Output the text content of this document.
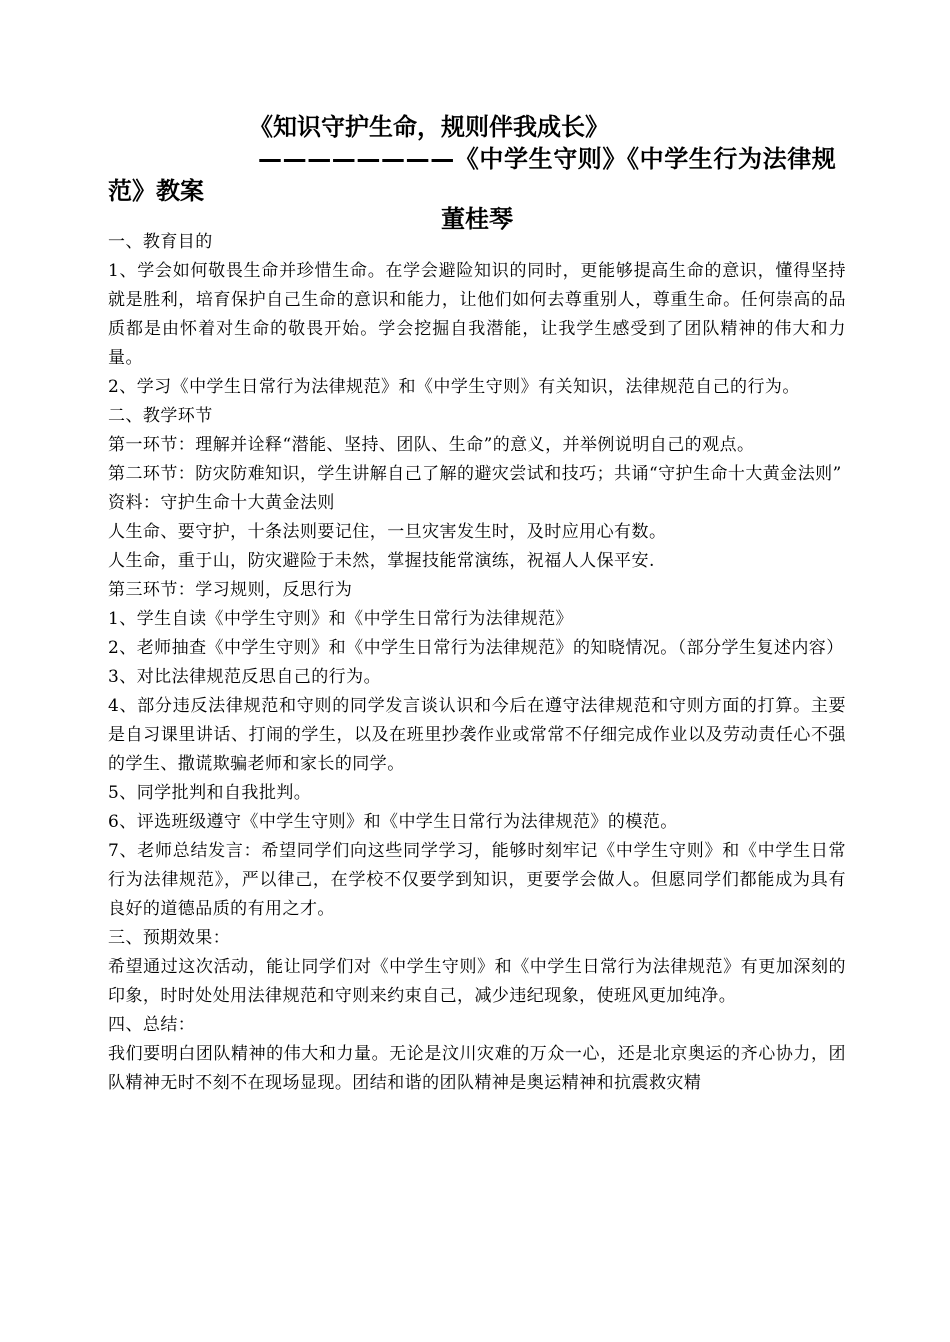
《知识守护生命，规则伴我成长》
————————《中学生守则》《中学生行为法律规
范》教案
董桂琴

一、教育目的

1、学会如何敬畏生命并珍惜生命。在学会避险知识的同时，更能够提高生命的意识，懂得坚持就是胜利，培育保护自己生命的意识和能力，让他们如何去尊重别人，尊重生命。任何崇高的品质都是由怀着对生命的敬畏开始。学会挖掘自我潜能，让我学生感受到了团队精神的伟大和力量。

2、学习《中学生日常行为法律规范》和《中学生守则》有关知识，法律规范自己的行为。

二、教学环节

第一环节：理解并诠释“潜能、坚持、团队、生命”的意义，并举例说明自己的观点。

第二环节：防灾防难知识，学生讲解自己了解的避灾尝试和技巧；共诵“守护生命十大黄金法则”

资料：守护生命十大黄金法则

人生命、要守护，十条法则要记住，一旦灾害发生时，及时应用心有数。

人生命，重于山，防灾避险于未然，掌握技能常演练，祝福人人保平安.

第三环节：学习规则，反思行为

1、学生自读《中学生守则》和《中学生日常行为法律规范》

2、老师抽查《中学生守则》和《中学生日常行为法律规范》的知晓情况。（部分学生复述内容）

3、对比法律规范反思自己的行为。

4、部分违反法律规范和守则的同学发言谈认识和今后在遵守法律规范和守则方面的打算。主要是自习课里讲话、打闹的学生，以及在班里抄袭作业或常常不仔细完成作业以及劳动责任心不强的学生、撒谎欺骗老师和家长的同学。

5、同学批判和自我批判。

6、评选班级遵守《中学生守则》和《中学生日常行为法律规范》的模范。

7、老师总结发言：希望同学们向这些同学学习，能够时刻牢记《中学生守则》和《中学生日常行为法律规范》，严以律己，在学校不仅要学到知识，更要学会做人。但愿同学们都能成为具有良好的道德品质的有用之才。

三、预期效果：

希望通过这次活动，能让同学们对《中学生守则》和《中学生日常行为法律规范》有更加深刻的印象，时时处处用法律规范和守则来约束自己，减少违纪现象，使班风更加纯净。

四、总结：

我们要明白团队精神的伟大和力量。无论是汶川灾难的万众一心，还是北京奥运的齐心协力，团队精神无时不刻不在现场显现。团结和谐的团队精神是奥运精神和抗震救灾精
